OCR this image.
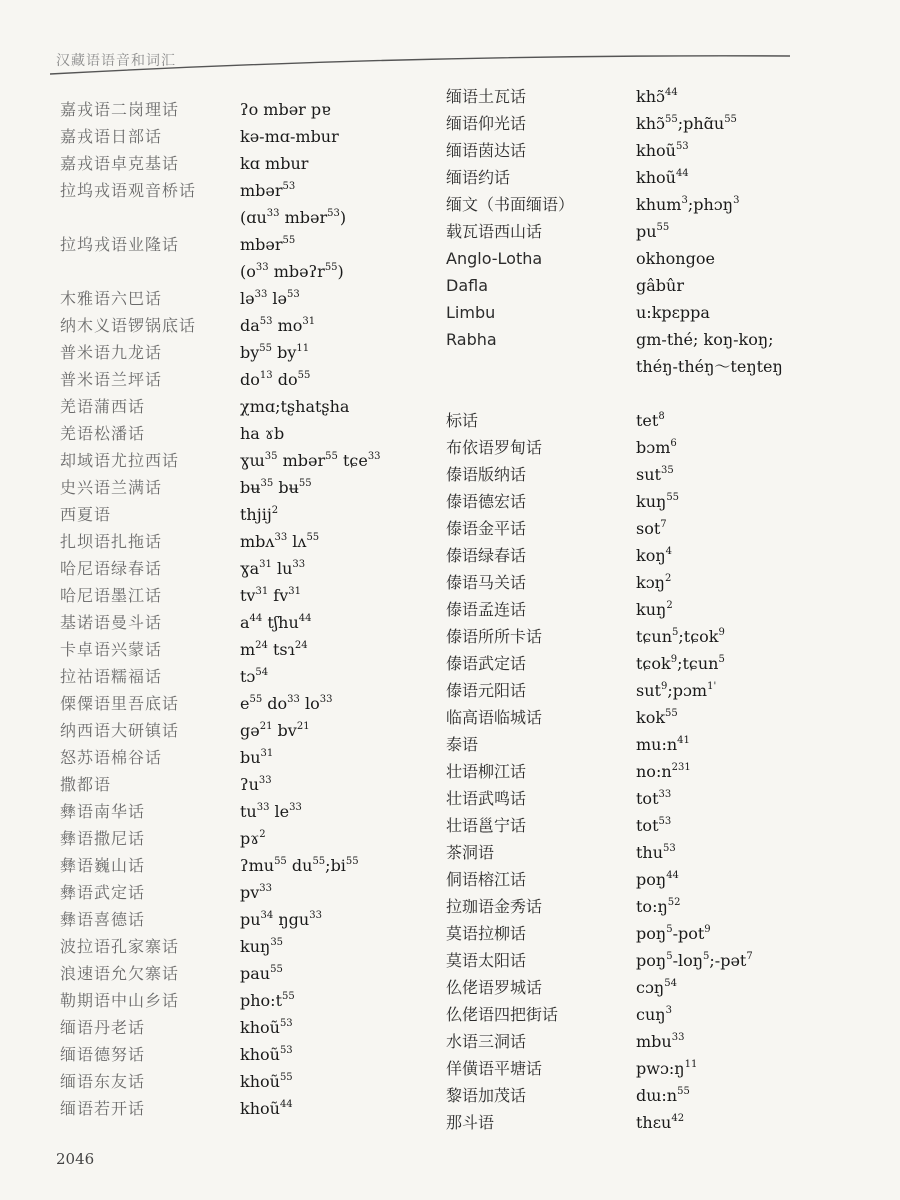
汉藏语语音和词汇
嘉戎语二岗理话	ʔo mbər pɐ
嘉戎语日部话	kə-mɑ-mbur
嘉戎语卓克基话	kɑ mbur
拉坞戎语观音桥话	mbər$^{53}$
(ɑu$^{33}$ mbər$^{53}$)
拉坞戎语业隆话	mbər$^{55}$
($o^{33}$ mbəʔr$^{55}$)
木雅语六巴话	lə$^{33}$ lə$^{53}$
纳木义语锣锅底话	$da^{53}$ $mo^{31}$
普米语九龙话	$by^{55}$ $by^{11}$
普米语兰坪话	$do^{13}$ $do^{55}$
羌语蒲西话	χmɑ;tʂhatʂha
羌语松潘话	ha ɤb
却域语尤拉西话	ɣɯ$^{35}$ mbər$^{55}$ tɕe$^{33}$
史兴语兰满话	bʉ$^{35}$ bʉ$^{55}$
西夏语	thjij$^2$
扎坝语扎拖话	mbʌ$^{33}$ lʌ$^{55}$
哈尼语绿春话	ɣa$^{31}$ $lu^{33}$
哈尼语墨江话	$tv^{31}$ $fv^{31}$
基诺语曼斗话	$a^{44}$ tʃhu$^{44}$
卡卓语兴蒙话	$m^{24}$ tsɿ$^{24}$
拉祜语糯福话	tɔ$^{54}$
傈僳语里吾底话	$e^{55}$ $do^{33}$ $lo^{33}$
纳西语大研镇话	gə$^{21}$ $bv^{21}$
怒苏语棉谷话	$bu^{31}$
撒都语	ʔu$^{33}$
彝语南华话	$tu^{33}$ $le^{33}$
彝语撒尼话	pɤ$^2$
彝语巍山话	ʔmu$^{55}$ $du^{55};bi^{55}$
彝语武定话	$pv^{33}$
彝语喜德话	$pu^{34}$ ŋgu$^{33}$
波拉语孔家寨话	kuŋ$^{35}$
浪速语允欠寨话	pau$^{55}$
勒期语中山乡话	$pho:t^{55}$
缅语丹老话	khoũ$^{53}$
缅语德努话	khoũ$^{53}$
缅语东友话	khoũ$^{55}$
缅语若开话	khoũ$^{44}$
缅语土瓦话	khɔ̃$^{44}$
缅语仰光话	$khɔ̃^{55};phɑ̃u^{55}$
缅语茵达话	khoũ$^{53}$
缅语约话	khoũ$^{44}$
缅文（书面缅语）	khum$^3$;phɔŋ$^3$
载瓦语西山话	$pu^{55}$
Anglo-Lotha	okhongoe
Dafla	gâbûr
Limbu	u:kpɛppa
Rabha	gm-thé; koŋ-koŋ;
théŋ-théŋ～teŋteŋ
标话	tet$^8$
布依语罗甸话	bɔm$^6$
傣语版纳话	sut$^{35}$
傣语德宏话	kuŋ$^{55}$
傣语金平话	sot$^7$
傣语绿春话	koŋ$^4$
傣语马关话	kɔŋ$^2$
傣语孟连话	kuŋ$^2$
傣语所所卡话	tɕun$^5$;tɕok$^9$
傣语武定话	tɕok$^9$;tɕun$^5$
傣语元阳话	sut$^9$;pɔm$^{1'}$
临高语临城话	kok$^{55}$
泰语	$mu:n^{41}$
壮语柳江话	$no:n^{231}$
壮语武鸣话	tot$^{33}$
壮语邕宁话	tot$^{53}$
茶洞语	thu$^{53}$
侗语榕江话	poŋ$^{44}$
拉珈语金秀话	$to:ŋ^{52}$
莫语拉柳话	poŋ$^5$-pot$^9$
莫语太阳话	poŋ$^5$-loŋ$^5$;-pət$^7$
仫佬语罗城话	cɔŋ$^{54}$
仫佬语四把街话	cuŋ$^3$
水语三洞话	mbu$^{33}$
佯僙语平塘话	$pwɔ:ŋ^{11}$
黎语加茂话	$dɯ:n^{55}$
那斗语	thɛu$^{42}$
2046
